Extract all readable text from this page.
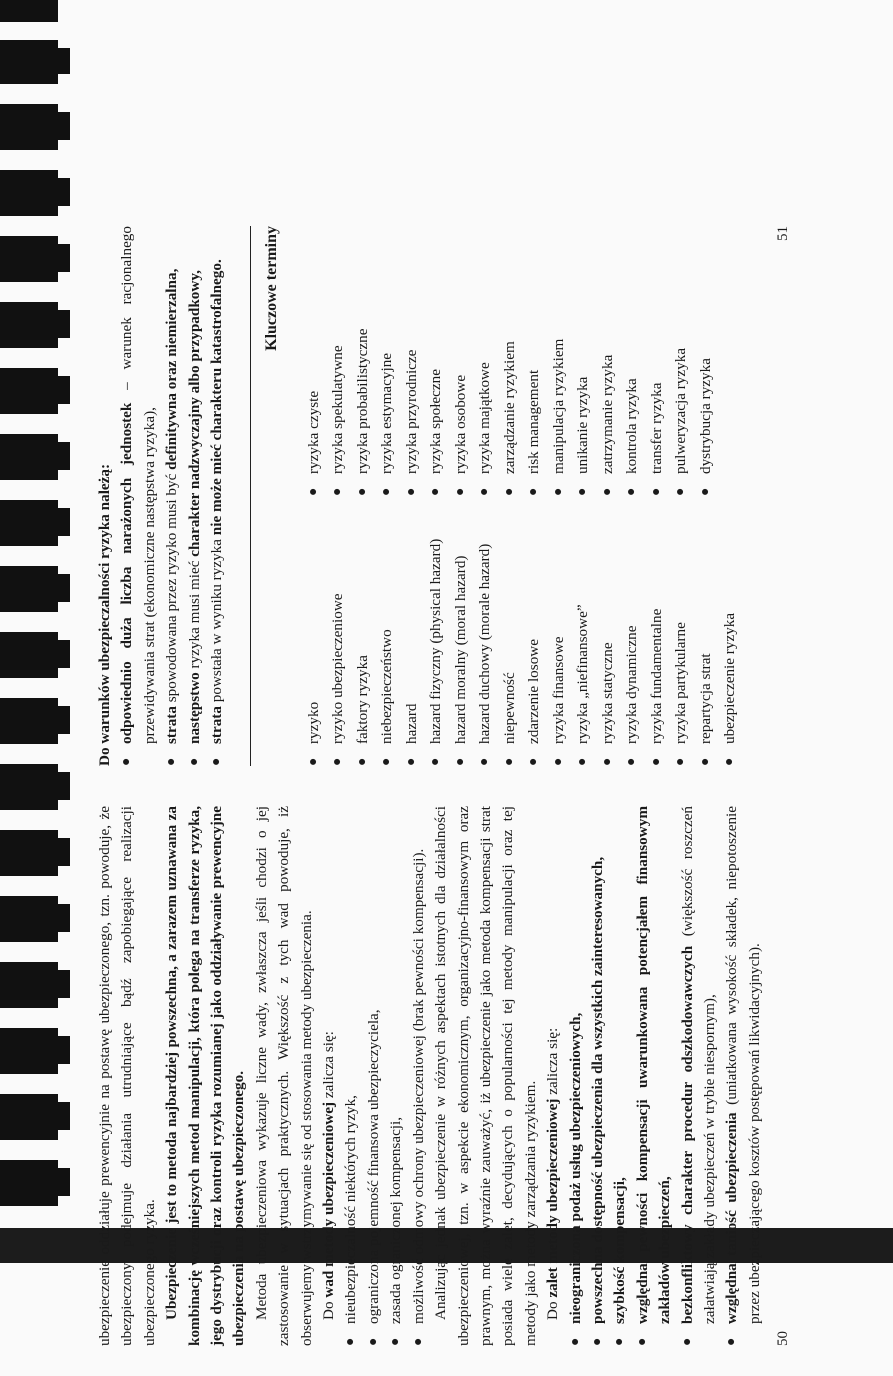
ubezpieczenie oddziałuje prewencyjnie na postawę ubezpieczonego, tzn. powoduje, że ubezpieczony podejmuje działania utrudniające bądź zapobiegające realizacji ubezpieczonego ryzyka. Ubezpieczenie jest to metoda najbardziej powszechna, a zarazem uznawana za kombinację wcześniejszych metod manipulacji, która polega na transferze ryzyka, jego dystrybucji oraz kontroli ryzyka rozumianej jako oddziaływanie prewencyjne ubezpieczenia na postawę ubezpieczonego. Metoda ubezpieczeniowa wykazuje liczne wady, zwłaszcza jeśli chodzi o jej zastosowanie w sytuacjach praktycznych. Większość z tych wad powoduje, iż obserwujemy wstrzymywanie się od stosowania metody ubezpieczenia. Do wad metody ubezpieczeniowej zalicza się:

● nieubezpieczalność niektórych ryzyk, ● ograniczona pojemność finansowa ubezpieczyciela, ● zasada ograniczonej kompensacji, ● możliwość odmowy ochrony ubezpieczeniowej (brak pewności kompensacji). Analizując jednak ubezpieczenie w różnych aspektach istotnych dla działalności ubezpieczeniowej, tzn. w aspekcie ekonomicznym, organizacyjno-finansowym oraz prawnym, można wyraźnie zauważyć, iż ubezpieczenie jako metoda kompensacji strat posiada wiele zalet, decydujących o popularności tej metody manipulacji oraz tej metody jako metody zarządzania ryzykiem. Do zalet metody ubezpieczeniowej zalicza się: ● nieograniczona podaż usług ubezpieczeniowych, ● powszechna dostępność ubezpieczenia dla wszystkich zainteresowanych, ● szybkość kompensacji, ● względna pewności kompensacji uwarunkowana potencjałem finansowym zakładów ubezpieczeń, ● bezkonfliktowy charakter procedur odszkodowawczych (większość roszczeń załatwiają zakłady ubezpieczeń w trybie niespornym), ● względna taniość ubezpieczenia (uniatkowana wysokość składek, niepotoszenie przez ubezpieczającego kosztów postępowań likwidacyjnych).
50

Do warunków ubezpieczalności ryzyka należą: ● odpowiednio duża liczba narażonych jednostek – warunek racjonalnego przewidywania strat (ekonomiczne następstwa ryzyka), ● strata spowodowana przez ryzyko musi być definitywna oraz niemierzalna,
● następstwo ryzyka musi mieć charakter nadzwyczajny albo przypadkowy,
● strata powstała w wyniku ryzyka nie może mieć charakteru katastrofalnego.	Kluczowe terminy
● ryzyko ● ryzyko ubezpieczeniowe ● faktory ryzyka ● niebezpieczeństwo ● hazard ● hazard fizyczny (physical hazard) ● hazard moralny (moral hazard) ● hazard duchowy (morale hazard) ● niepewność ● zdarzenie losowe ● ryzyka finansowe ● ryzyka „niefinansowe” ● ryzyka statyczne ● ryzyka dynamiczne ● ryzyka fundamentalne ● ryzyka partykularne ● repartycja strat ● ubezpieczenie ryzyka
● ryzyka czyste ● ryzyka spekulatywne ● ryzyka probabilistyczne ● ryzyka estymacyjne ● ryzyka przyrodnicze ● ryzyka społeczne ● ryzyka osobowe ● ryzyka majątkowe ● zarządzanie ryzykiem ● risk management ● manipulacja ryzykiem ● unikanie ryzyka ● zatrzymanie ryzyka ● kontrola ryzyka ● transfer ryzyka ● pulweryzacja ryzyka ● dystrybucja ryzyka
51
